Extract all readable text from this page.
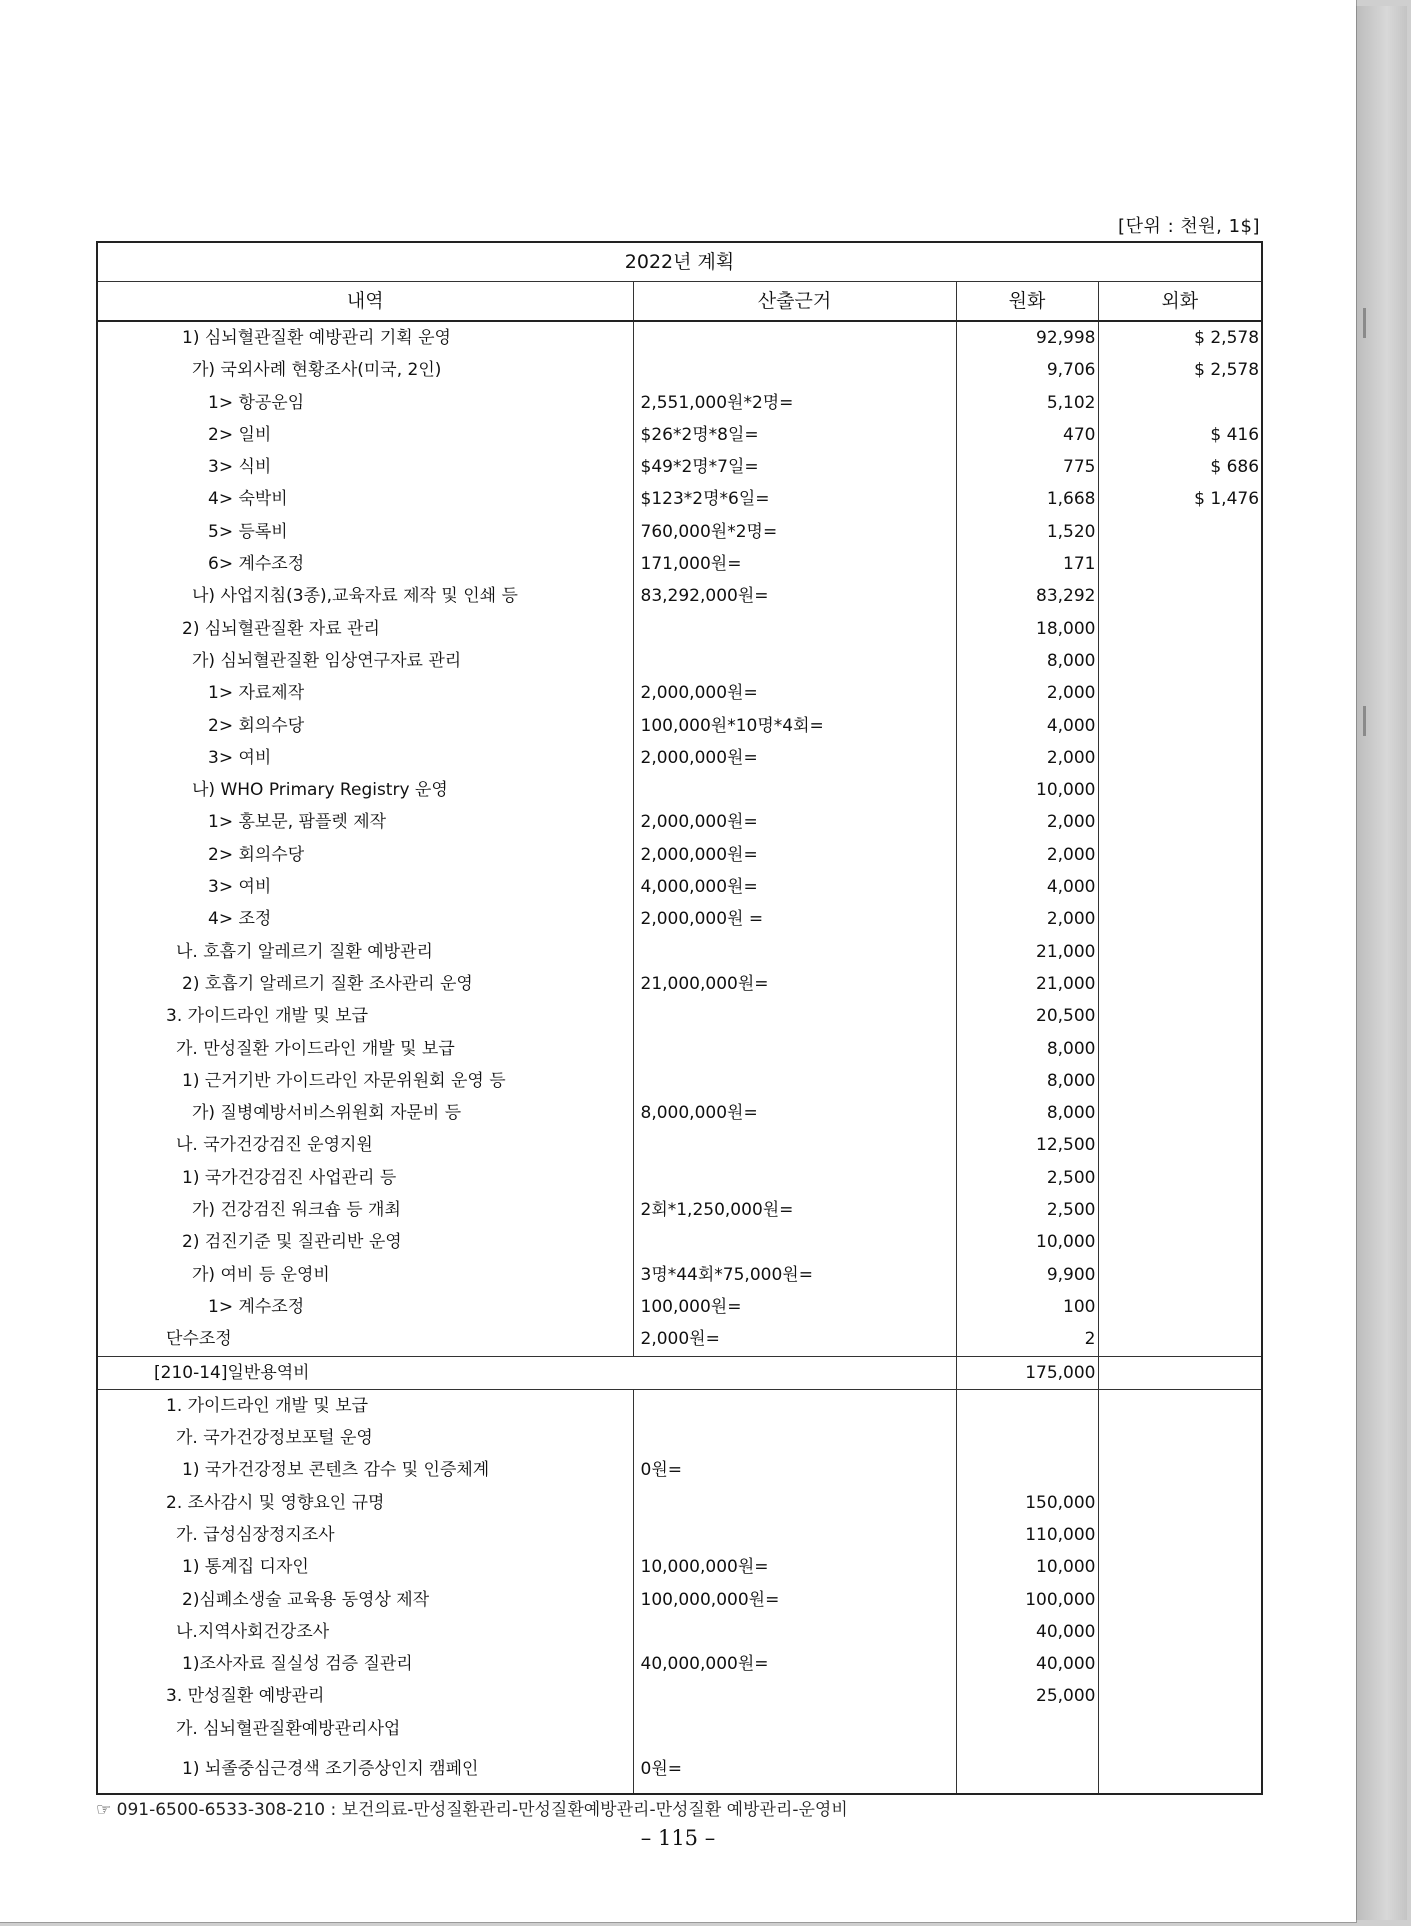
[단위 : 천원, 1$]
2022년 계획			
내역	산출근거	원화	외화
1) 심뇌혈관질환 예방관리 기획 운영		92,998	$ 2,578
가) 국외사례 현황조사(미국, 2인)		9,706	$ 2,578
1> 항공운임	2,551,000원*2명=	5,102	
2> 일비	$26*2명*8일=	470	$ 416
3> 식비	$49*2명*7일=	775	$ 686
4> 숙박비	$123*2명*6일=	1,668	$ 1,476
5> 등록비	760,000원*2명=	1,520	
6> 계수조정	171,000원=	171	
나) 사업지침(3종),교육자료 제작 및 인쇄 등	83,292,000원=	83,292	
2) 심뇌혈관질환 자료 관리		18,000	
가) 심뇌혈관질환 임상연구자료 관리		8,000	
1> 자료제작	2,000,000원=	2,000	
2> 회의수당	100,000원*10명*4회=	4,000	
3> 여비	2,000,000원=	2,000	
나) WHO Primary Registry 운영		10,000	
1> 홍보문, 팜플렛 제작	2,000,000원=	2,000	
2> 회의수당	2,000,000원=	2,000	
3> 여비	4,000,000원=	4,000	
4> 조정	2,000,000원 =	2,000	
나. 호흡기 알레르기 질환 예방관리		21,000	
2) 호흡기 알레르기 질환 조사관리 운영	21,000,000원=	21,000	
3. 가이드라인 개발 및 보급		20,500	
가. 만성질환 가이드라인 개발 및 보급		8,000	
1) 근거기반 가이드라인 자문위원회 운영 등		8,000	
가) 질병예방서비스위원회 자문비 등	8,000,000원=	8,000	
나. 국가건강검진 운영지원		12,500	
1) 국가건강검진 사업관리 등		2,500	
가) 건강검진 워크숍 등 개최	2회*1,250,000원=	2,500	
2) 검진기준 및 질관리반 운영		10,000	
가) 여비 등 운영비	3명*44회*75,000원=	9,900	
1> 계수조정	100,000원=	100	
단수조정	2,000원=	2	
[210-14]일반용역비		175,000	
1. 가이드라인 개발 및 보급			
가. 국가건강정보포털 운영			
1) 국가건강정보 콘텐츠 감수 및 인증체계	0원=		
2. 조사감시 및 영향요인 규명		150,000	
가. 급성심장정지조사		110,000	
1) 통계집 디자인	10,000,000원=	10,000	
2)심폐소생술 교육용 동영상 제작	100,000,000원=	100,000	
나.지역사회건강조사		40,000	
1)조사자료 질실성 검증 질관리	40,000,000원=	40,000	
3. 만성질환 예방관리		25,000	
가. 심뇌혈관질환예방관리사업			
1) 뇌졸중심근경색 조기증상인지 캠페인	0원=		
☞ 091-6500-6533-308-210 : 보건의료-만성질환관리-만성질환예방관리-만성질환 예방관리-운영비
– 115 –
